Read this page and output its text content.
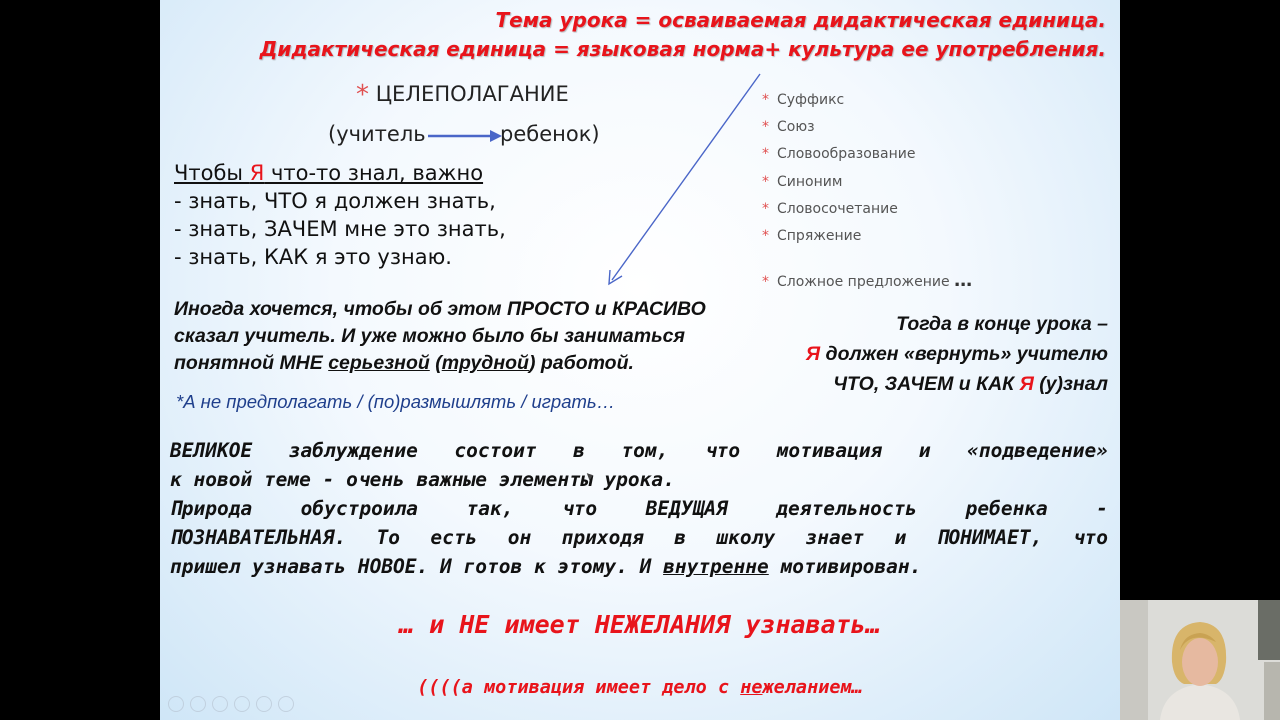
Тема урока = осваиваемая дидактическая единица.
Дидактическая единица = языковая норма+ культура ее употребления.
* ЦЕЛЕПОЛАГАНИЕ
(учитель	ребенок)
Чтобы Я что-то знал, важно
- знать, ЧТО я должен знать,
- знать, ЗАЧЕМ мне это знать,
- знать, КАК я это узнаю.
* Суффикс
* Союз
* Словообразование
* Синоним
* Словосочетание
* Спряжение
* Сложное предложение …
Иногда хочется, чтобы об этом ПРОСТО и КРАСИВО
сказал учитель. И уже можно было бы заниматься
понятной МНЕ серьезной (трудной) работой.
*А не предполагать / (по)размышлять / играть…
Тогда в конце урока –
Я должен «вернуть» учителю
ЧТО, ЗАЧЕМ и КАК Я (у)знал
ВЕЛИКОЕ заблуждение состоит в том, что мотивация и «подведение»
к новой теме - очень важные элементы урока.
Природа обустроила так, что ВЕДУЩАЯ деятельность ребенка -
ПОЗНАВАТЕЛЬНАЯ. То есть он приходя в школу знает и ПОНИМАЕТ, что
пришел узнавать НОВОЕ. И готов к этому. И внутренне мотивирован.
… и НЕ имеет НЕЖЕЛАНИЯ узнавать…
((((а мотивация имеет дело с нежеланием…
